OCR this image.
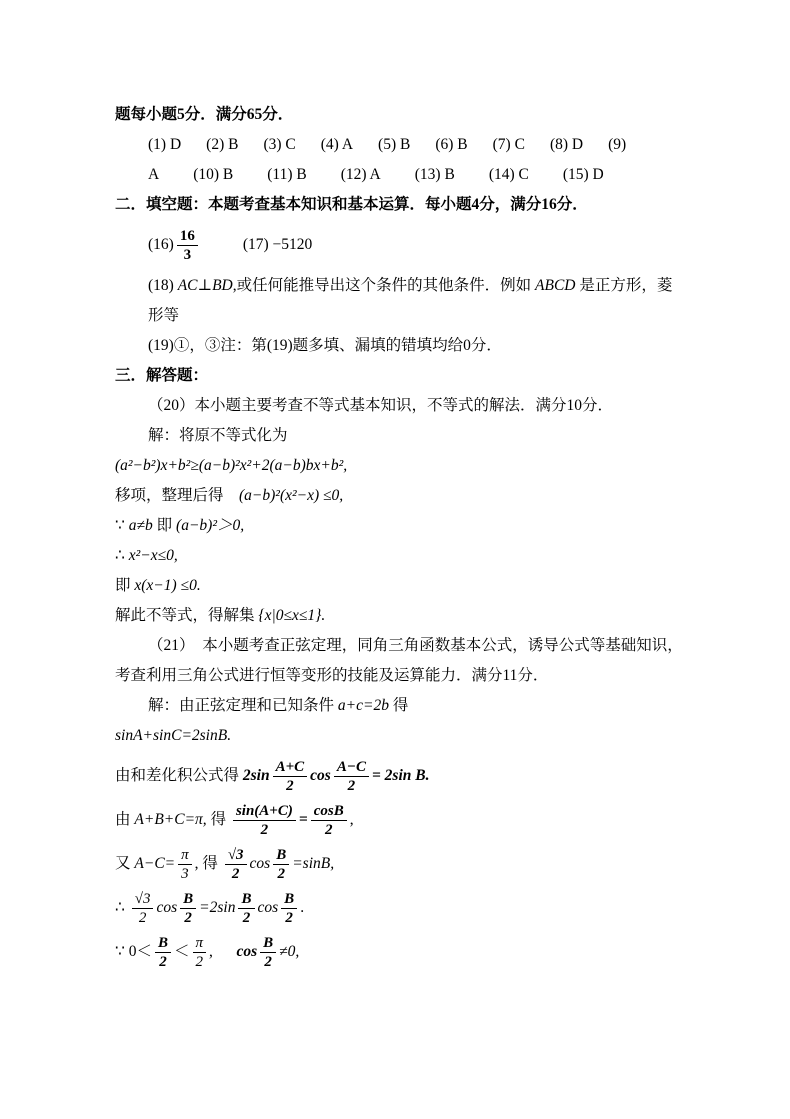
题每小题5分．满分65分．

(1) D (2) B (3) C (4) A (5) B (6) B (7) C (8) D (9)

A (10) B (11) B (12) A (13) B (14) C (15) D

二．填空题：本题考查基本知识和基本运算．每小题4分，满分16分．

$(16) \frac{16}{3}$	(17) −5120

(18) AC⊥BD,或任何能推导出这个条件的其他条件．例如 ABCD 是正方形，菱形等

(19)①，③注：第(19)题多填、漏填的错填均给0分．

三．解答题：

（20）本小题主要考查不等式基本知识，不等式的解法．满分10分．

解：将原不等式化为

(a²−b²)x+b²≥(a−b)²x²+2(a−b)bx+b²,

移项，整理后得　(a−b)²(x²−x) ≤0,

∵ a≠b 即 (a−b)²＞0,

∴ x²−x≤0,

即 x(x−1) ≤0.

解此不等式，得解集 {x|0≤x≤1}.

（21）　本小题考查正弦定理，同角三角函数基本公式，诱导公式等基础知识，考查利用三角公式进行恒等变形的技能及运算能力．满分11分．

解：由正弦定理和已知条件 a+c=2b 得

sinA+sinC=2sinB.

由和差化积公式得 $2\sin \frac{A+C}{2}$ $\cos \frac{A-C}{2} = 2\sin$ B.

由 A+B+C=π, 得 $\frac{\sin(A+C)}{2} = \frac{\cos B}{2}$ ,

又 $A-C= \frac{\pi}{3}$ , 得 $\frac{√3}{2}$ $\cos \frac{B}{2} =\sin B$,

∴ $\frac{√3}{2}$ $\cos \frac{B}{2} =2\sin \frac{B}{2}$ $\cos \frac{B}{2}$ .

∵ $0< \frac{B}{2} < \frac{\pi}{2}$ ,　$\cos \frac{B}{2} \ne 0$,
